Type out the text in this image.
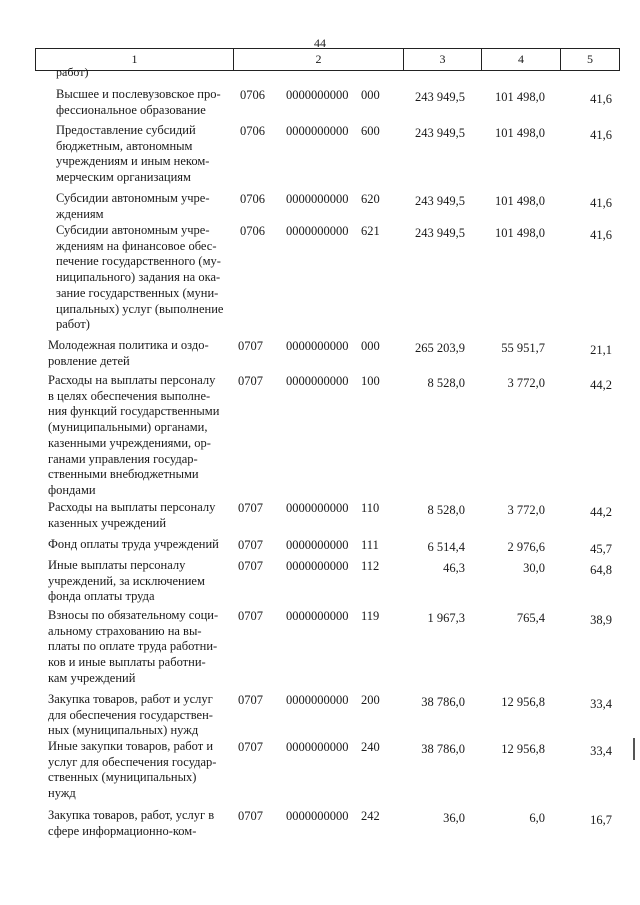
44
1	2	3	4	5
работ)
Высшее и послевузовское про-
фессиональное образование
0706	0000000000	000	243 949,5	101 498,0	41,6
Предоставление субсидий
бюджетным, автономным
учреждениям и иным неком-
мерческим организациям
0706	0000000000	600	243 949,5	101 498,0	41,6
Субсидии автономным учре-
ждениям
0706	0000000000	620	243 949,5	101 498,0	41,6
Субсидии автономным учре-
ждениям на финансовое обес-
печение государственного (му-
ниципального) задания на ока-
зание государственных (муни-
ципальных) услуг (выполнение
работ)
0706	0000000000	621	243 949,5	101 498,0	41,6
Молодежная политика и оздо-
ровление детей
0707	0000000000	000	265 203,9	55 951,7	21,1
Расходы на выплаты персоналу
в целях обеспечения выполне-
ния функций государственными
(муниципальными) органами,
казенными учреждениями, ор-
ганами управления государ-
ственными внебюджетными
фондами
0707	0000000000	100	8 528,0	3 772,0	44,2
Расходы на выплаты персоналу
казенных учреждений
0707	0000000000	110	8 528,0	3 772,0	44,2
Фонд оплаты труда учреждений	0707	0000000000	111	6 514,4	2 976,6	45,7
Иные выплаты персоналу
учреждений, за исключением
фонда оплаты труда
0707	0000000000	112	46,3	30,0	64,8
Взносы по обязательному соци-
альному страхованию на вы-
платы по оплате труда работни-
ков и иные выплаты работни-
кам учреждений
0707	0000000000	119	1 967,3	765,4	38,9
Закупка товаров, работ и услуг
для обеспечения государствен-
ных (муниципальных) нужд
0707	0000000000	200	38 786,0	12 956,8	33,4
Иные закупки товаров, работ и
услуг для обеспечения государ-
ственных (муниципальных)
нужд
0707	0000000000	240	38 786,0	12 956,8	33,4
Закупка товаров, работ, услуг в
сфере информационно-ком-
0707	0000000000	242	36,0	6,0	16,7
